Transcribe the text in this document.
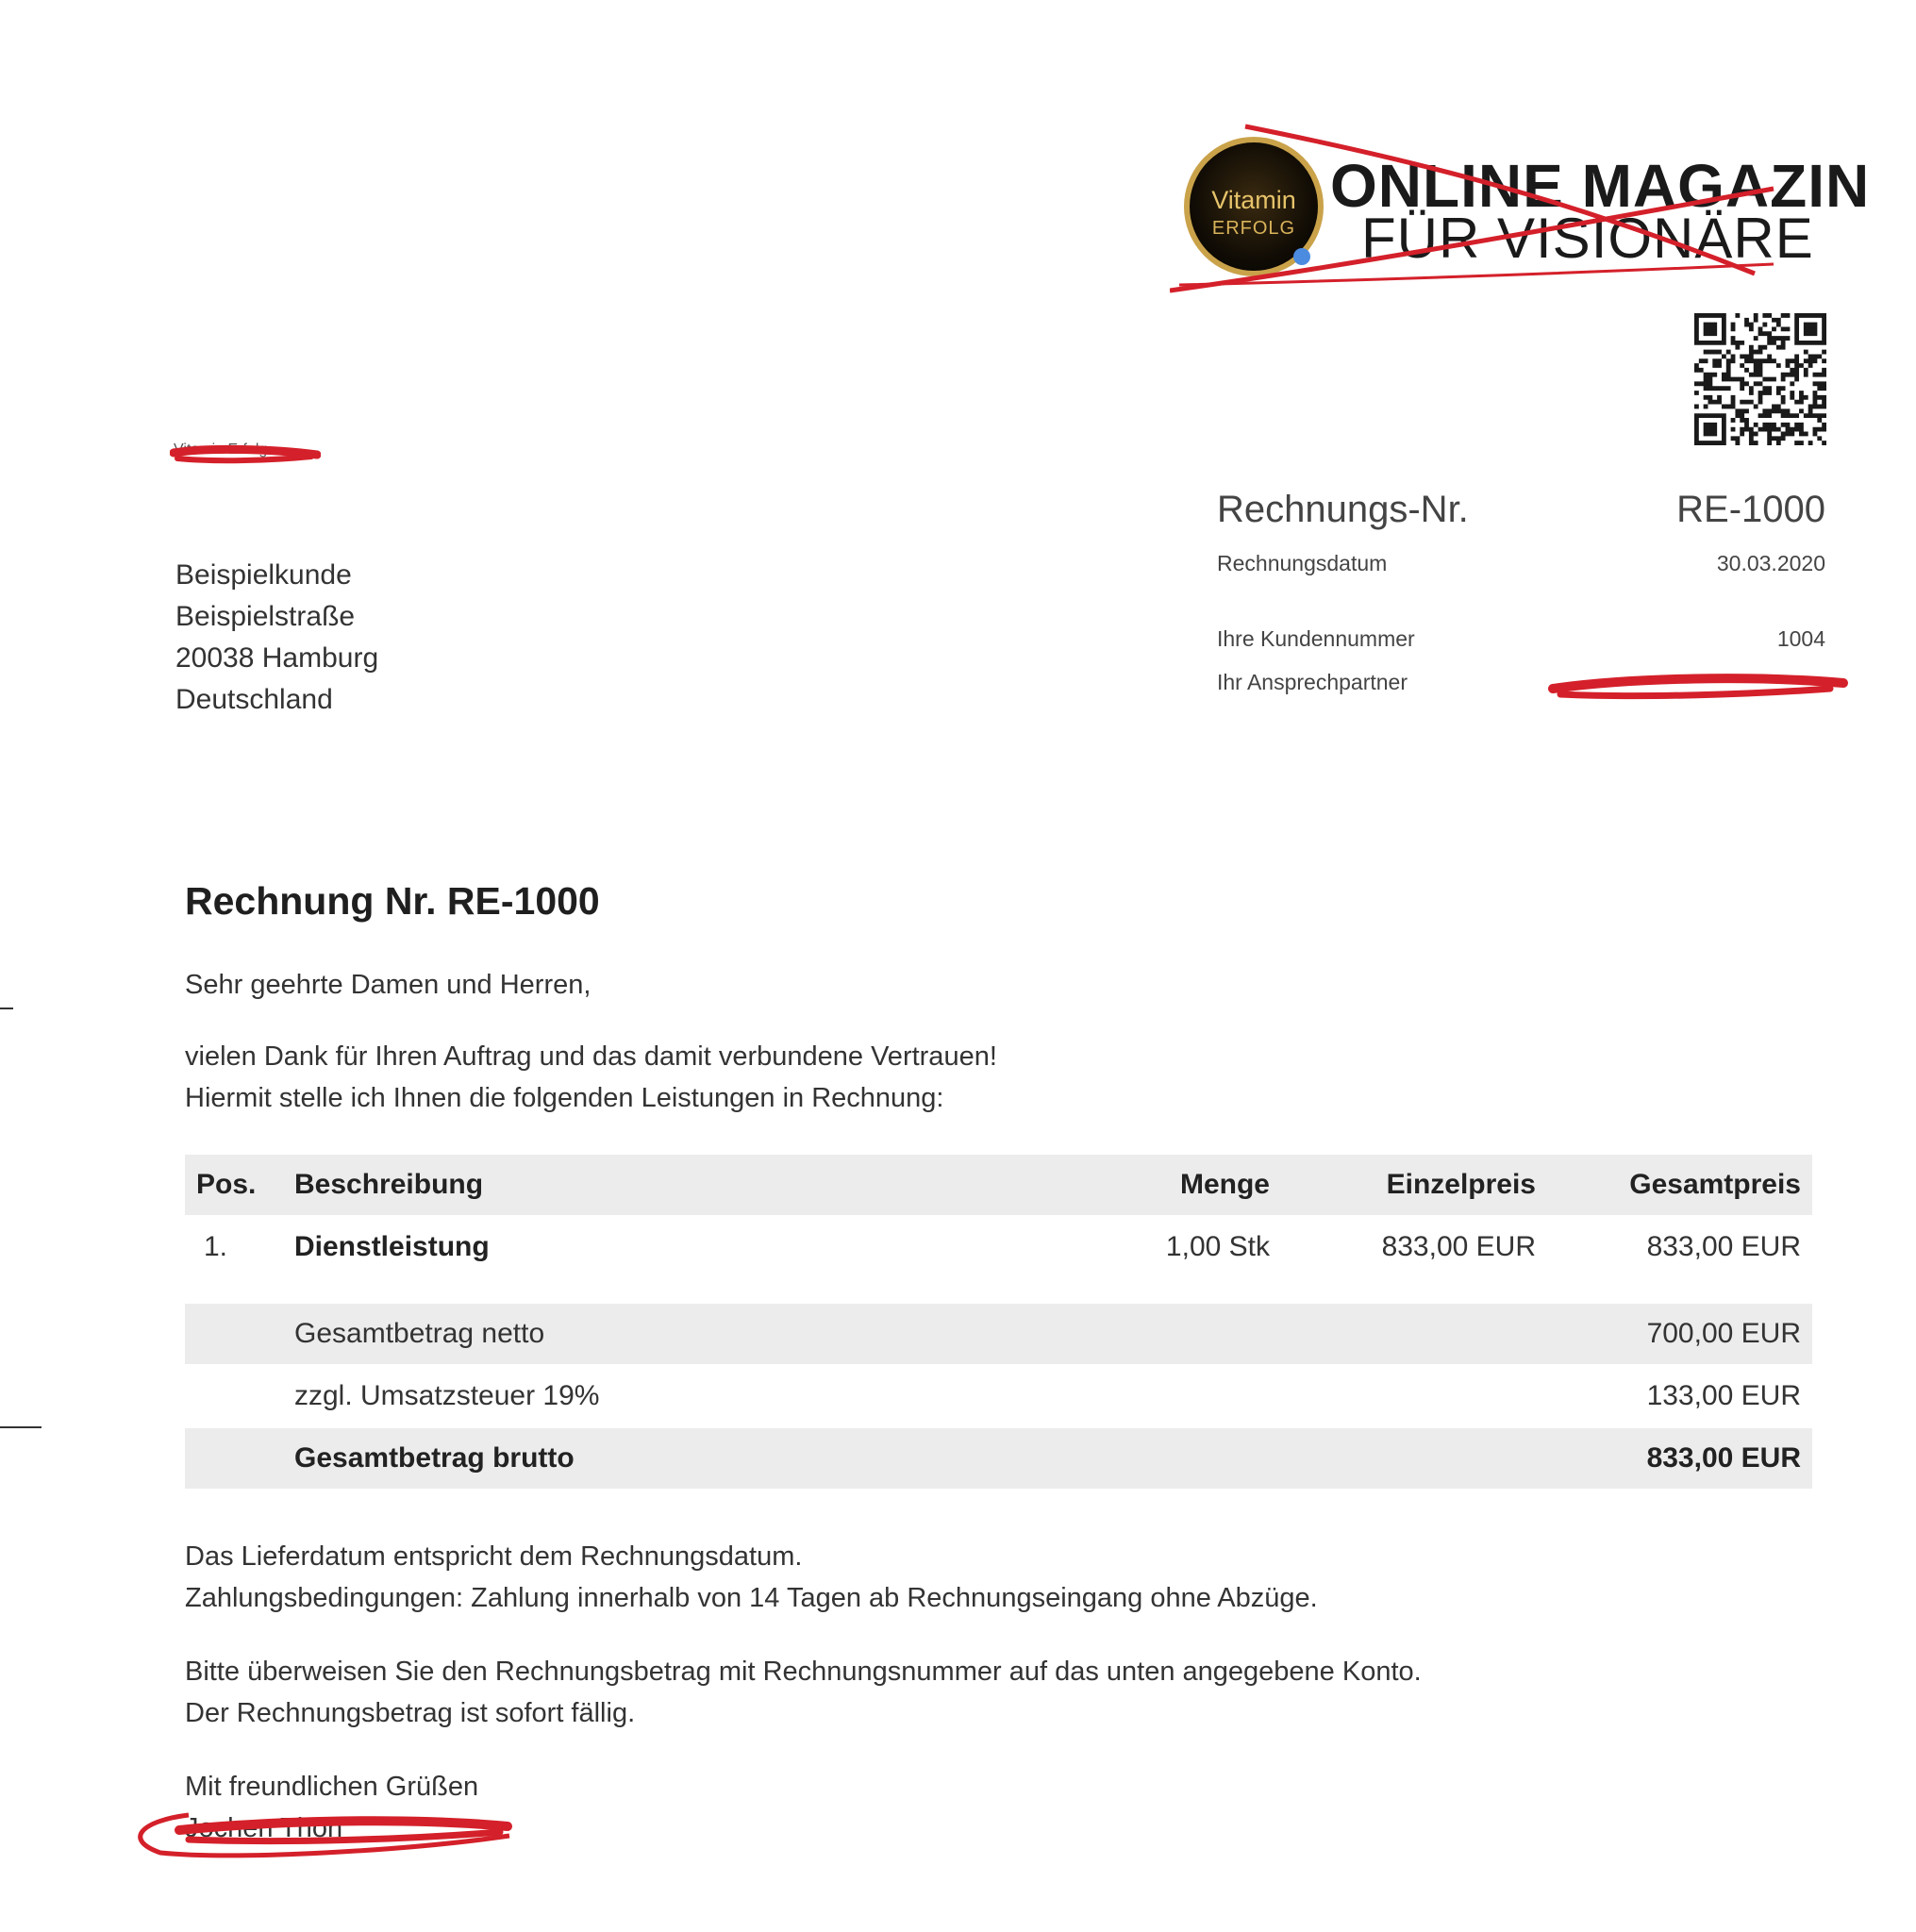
Vitamin
ERFOLG
ONLINE MAGAZIN
FÜR VISIONÄRE
Vitamin Erfolg
Beispielkunde
Beispielstraße
20038 Hamburg
Deutschland
Rechnungs-Nr.	RE-1000
Rechnungsdatum	30.03.2020
Ihre Kundennummer	1004
Ihr Ansprechpartner
Rechnung Nr. RE-1000
Sehr geehrte Damen und Herren,
vielen Dank für Ihren Auftrag und das damit verbundene Vertrauen!
Hiermit stelle ich Ihnen die folgenden Leistungen in Rechnung:
Pos. Beschreibung	Menge	Einzelpreis	Gesamtpreis
1. Dienstleistung	1,00 Stk	833,00 EUR	833,00 EUR
Gesamtbetrag netto	700,00 EUR
zzgl. Umsatzsteuer 19%	133,00 EUR
Gesamtbetrag brutto	833,00 EUR
Das Lieferdatum entspricht dem Rechnungsdatum.
Zahlungsbedingungen: Zahlung innerhalb von 14 Tagen ab Rechnungseingang ohne Abzüge.
Bitte überweisen Sie den Rechnungsbetrag mit Rechnungsnummer auf das unten angegebene Konto.
Der Rechnungsbetrag ist sofort fällig.
Mit freundlichen Grüßen
Jochen Thon
